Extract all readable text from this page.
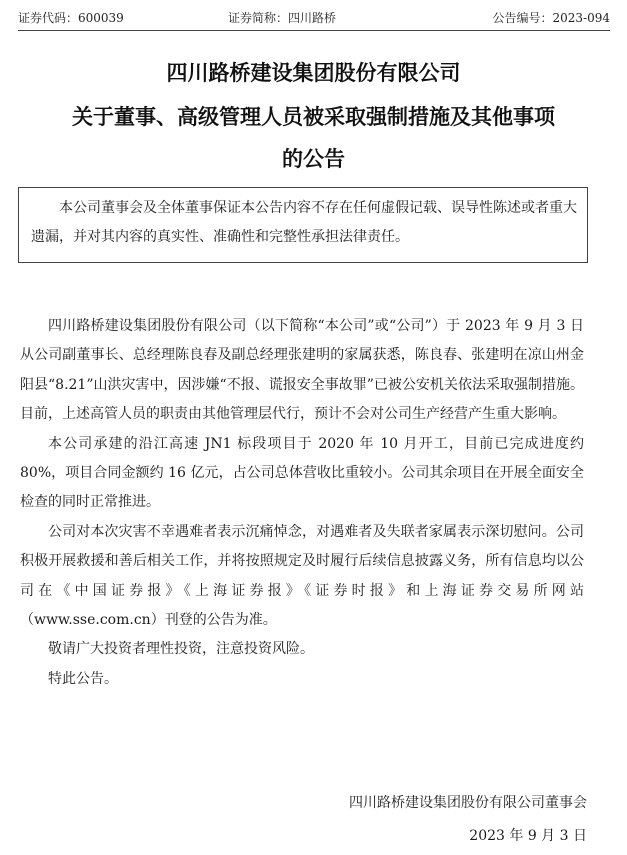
证券代码：600039	证券简称：四川路桥	公告编号：2023-094
四川路桥建设集团股份有限公司
关于董事、高级管理人员被采取强制措施及其他事项
的公告
本公司董事会及全体董事保证本公告内容不存在任何虚假记载、误导性陈述或者重大遗漏，并对其内容的真实性、准确性和完整性承担法律责任。

四川路桥建设集团股份有限公司（以下简称“本公司”或“公司”）于 2023 年 9 月 3 日从公司副董事长、总经理陈良春及副总经理张建明的家属获悉，陈良春、张建明在凉山州金阳县“8.21”山洪灾害中，因涉嫌“不报、谎报安全事故罪”已被公安机关依法采取强制措施。目前，上述高管人员的职责由其他管理层代行，预计不会对公司生产经营产生重大影响。

本公司承建的沿江高速 JN1 标段项目于 2020 年 10 月开工，目前已完成进度约 80%，项目合同金额约 16 亿元，占公司总体营收比重较小。公司其余项目在开展全面安全检查的同时正常推进。

公司对本次灾害不幸遇难者表示沉痛悼念，对遇难者及失联者家属表示深切慰问。公司积极开展救援和善后相关工作，并将按照规定及时履行后续信息披露义务，所有信息均以公司在《中国证券报》《上海证券报》《证券时报》和上海证券交易所网站（www.sse.com.cn）刊登的公告为准。

敬请广大投资者理性投资，注意投资风险。

特此公告。

四川路桥建设集团股份有限公司董事会
2023 年 9 月 3 日
